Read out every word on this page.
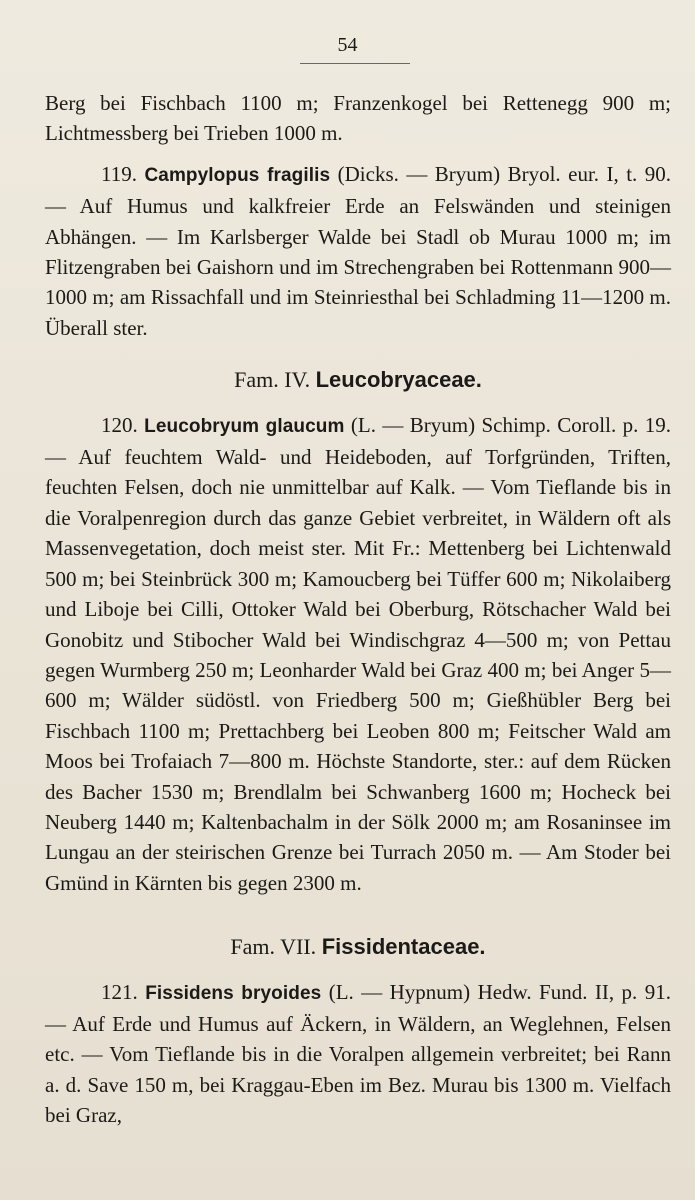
54

Berg bei Fischbach 1100 m; Franzenkogel bei Rettenegg 900 m; Lichtmessberg bei Trieben 1000 m.

119. Campylopus fragilis (Dicks. — Bryum) Bryol. eur. I, t. 90. — Auf Humus und kalkfreier Erde an Felswänden und steinigen Abhängen. — Im Karlsberger Walde bei Stadl ob Murau 1000 m; im Flitzengraben bei Gaishorn und im Strechengraben bei Rottenmann 900—1000 m; am Rissachfall und im Steinriesthal bei Schladming 11—1200 m. Überall ster.

Fam. IV. Leucobryaceae.

120. Leucobryum glaucum (L. — Bryum) Schimp. Coroll. p. 19. — Auf feuchtem Wald- und Heideboden, auf Torfgründen, Triften, feuchten Felsen, doch nie unmittelbar auf Kalk. — Vom Tieflande bis in die Voralpenregion durch das ganze Gebiet verbreitet, in Wäldern oft als Massenvegetation, doch meist ster. Mit Fr.: Mettenberg bei Lichtenwald 500 m; bei Steinbrück 300 m; Kamoucberg bei Tüffer 600 m; Nikolaiberg und Liboje bei Cilli, Ottoker Wald bei Oberburg, Rötschacher Wald bei Gonobitz und Stibocher Wald bei Windischgraz 4—500 m; von Pettau gegen Wurmberg 250 m; Leonharder Wald bei Graz 400 m; bei Anger 5—600 m; Wälder südöstl. von Friedberg 500 m; Gießhübler Berg bei Fischbach 1100 m; Prettachberg bei Leoben 800 m; Feitscher Wald am Moos bei Trofaiach 7—800 m. Höchste Standorte, ster.: auf dem Rücken des Bacher 1530 m; Brendlalm bei Schwanberg 1600 m; Hocheck bei Neuberg 1440 m; Kaltenbachalm in der Sölk 2000 m; am Rosaninsee im Lungau an der steirischen Grenze bei Turrach 2050 m. — Am Stoder bei Gmünd in Kärnten bis gegen 2300 m.

Fam. VII. Fissidentaceae.

121. Fissidens bryoides (L. — Hypnum) Hedw. Fund. II, p. 91. — Auf Erde und Humus auf Äckern, in Wäldern, an Weglehnen, Felsen etc. — Vom Tieflande bis in die Voralpen allgemein verbreitet; bei Rann a. d. Save 150 m, bei Kraggau-Eben im Bez. Murau bis 1300 m. Vielfach bei Graz,
